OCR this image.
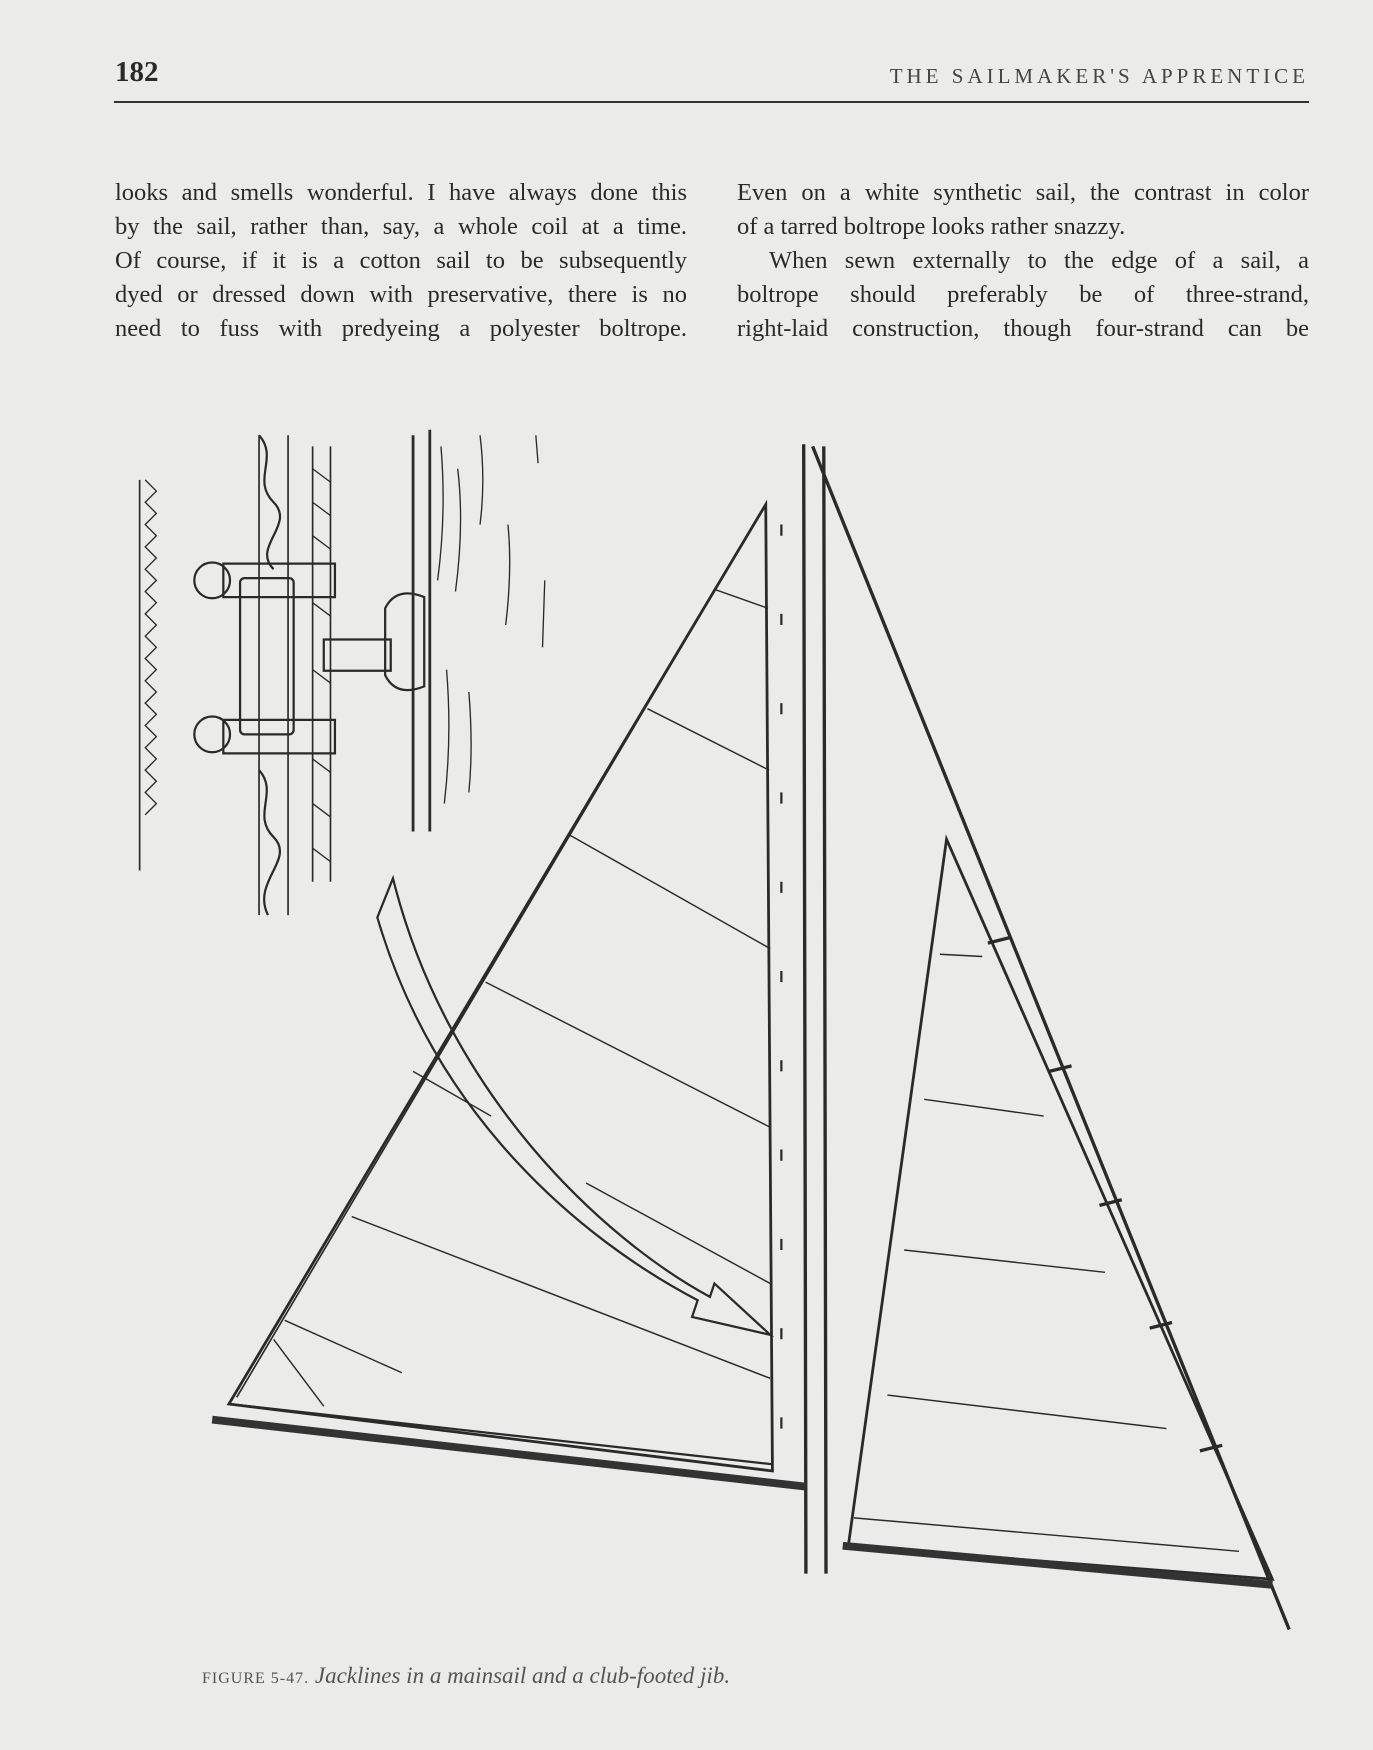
182	THE SAILMAKER'S APPRENTICE

looks and smells wonderful. I have always done this

by the sail, rather than, say, a whole coil at a time.

Of course, if it is a cotton sail to be subsequently

dyed or dressed down with preservative, there is no

need to fuss with predyeing a polyester boltrope.

Even on a white synthetic sail, the contrast in color

of a tarred boltrope looks rather snazzy.

When sewn externally to the edge of a sail, a

boltrope should preferably be of three-strand,

right-laid construction, though four-strand can be

FIGURE 5-47. Jacklines in a mainsail and a club-footed jib.
